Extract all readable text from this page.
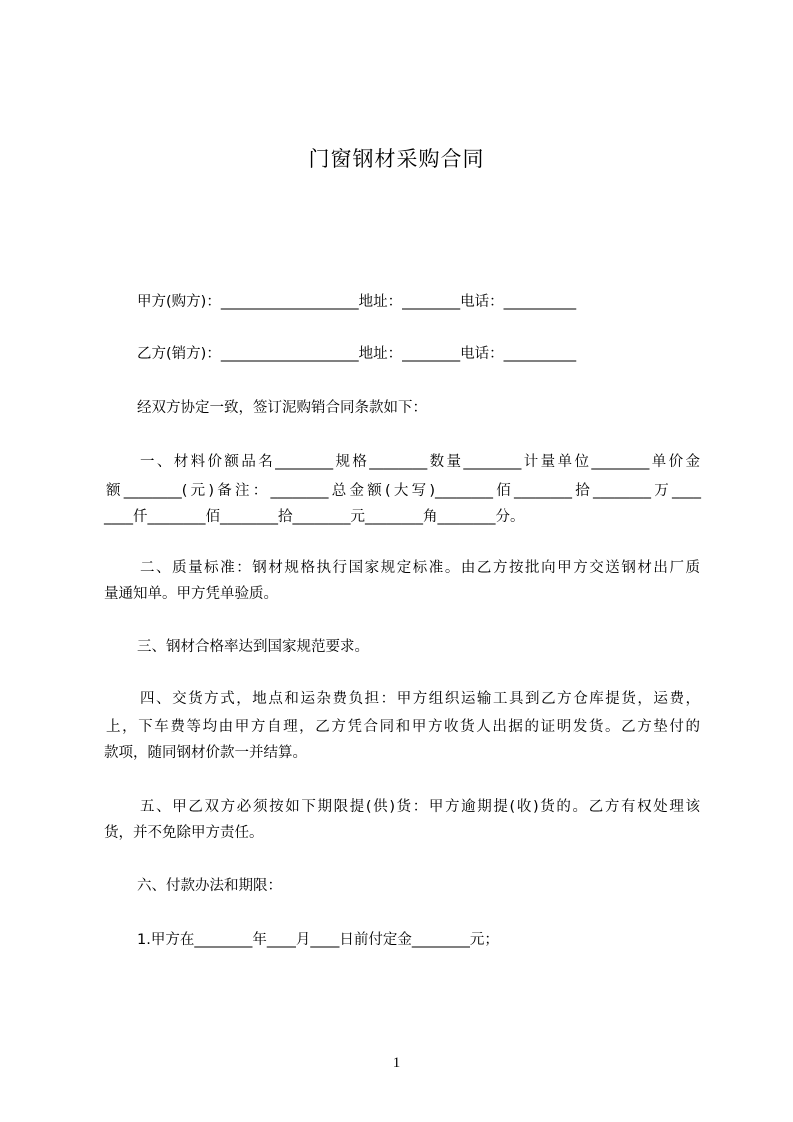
门窗钢材采购合同
甲方(购方)：___________________地址：________电话：__________
乙方(销方)：___________________地址：________电话：__________
经双方协定一致，签订泥购销合同条款如下：
一、材料价额品名________规格________数量________计量单位________单价金
额________(元)备注：________总金额(大写)________佰________拾________万____
____仟________佰________拾________元________角________分。
二、质量标准：钢材规格执行国家规定标准。由乙方按批向甲方交送钢材出厂质
量通知单。甲方凭单验质。
三、钢材合格率达到国家规范要求。
四、交货方式，地点和运杂费负担：甲方组织运输工具到乙方仓库提货，运费，
上，下车费等均由甲方自理，乙方凭合同和甲方收货人出据的证明发货。乙方垫付的
款项，随同钢材价款一并结算。
五、甲乙双方必须按如下期限提(供)货：甲方逾期提(收)货的。乙方有权处理该
货，并不免除甲方责任。
六、付款办法和期限：
1.甲方在________年____月____日前付定金________元；
1
